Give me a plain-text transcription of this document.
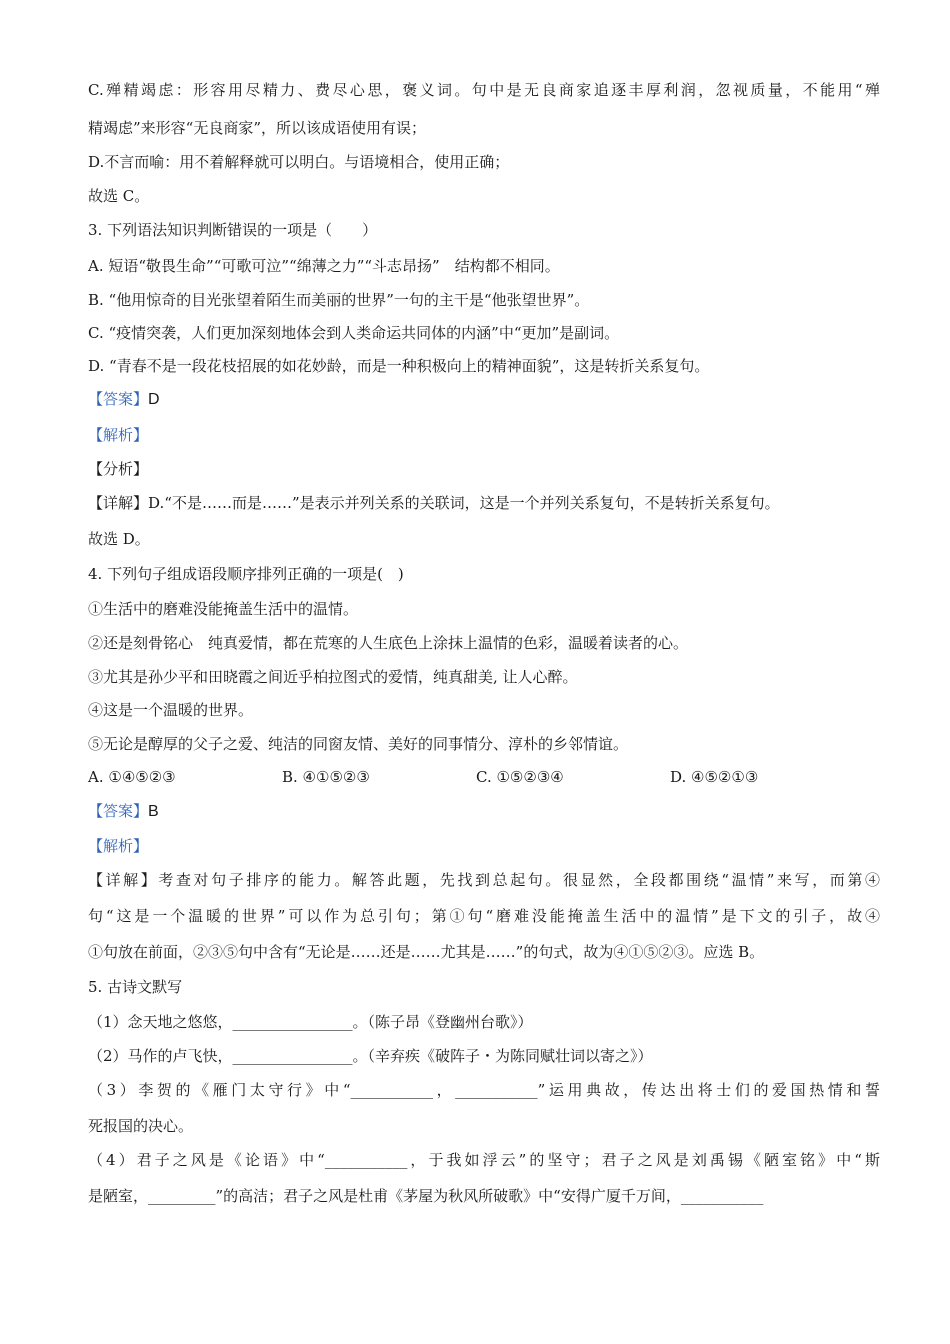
C.殚精竭虑：形容用尽精力、费尽心思，褒义词。句中是无良商家追逐丰厚利润，忽视质量，不能用“殚
精竭虑”来形容“无良商家”，所以该成语使用有误；
D.不言而喻：用不着解释就可以明白。与语境相合，使用正确；
故选 C。
3. 下列语法知识判断错误的一项是（　　）
A. 短语“敬畏生命”“可歌可泣”“绵薄之力”“斗志昂扬”　结构都不相同。
B. “他用惊奇的目光张望着陌生而美丽的世界”一句的主干是“他张望世界”。
C. “疫情突袭，人们更加深刻地体会到人类命运共同体的内涵”中“更加”是副词。
D. “青春不是一段花枝招展的如花妙龄，而是一种积极向上的精神面貌”，这是转折关系复句。
【答案】D
【解析】
【分析】
【详解】D.“不是……而是……”是表示并列关系的关联词，这是一个并列关系复句，不是转折关系复句。
故选 D。
4. 下列句子组成语段顺序排列正确的一项是(　)
①生活中的磨难没能掩盖生活中的温情。
②还是刻骨铭心　纯真爱情，都在荒寒的人生底色上涂抹上温情的色彩，温暖着读者的心。
③尤其是孙少平和田晓霞之间近乎柏拉图式的爱情，纯真甜美, 让人心醉。
④这是一个温暖的世界。
⑤无论是醇厚的父子之爱、纯洁的同窗友情、美好的同事情分、淳朴的乡邻情谊。
A. ①④⑤②③	B. ④①⑤②③	C. ①⑤②③④	D. ④⑤②①③
【答案】B
【解析】
【详解】考查对句子排序的能力。解答此题，先找到总起句。很显然，全段都围绕“温情”来写，而第④
句“这是一个温暖的世界”可以作为总引句；第①句“磨难没能掩盖生活中的温情”是下文的引子，故④
①句放在前面，②③⑤句中含有“无论是……还是……尤其是……”的句式，故为④①⑤②③。应选 B。
5. 古诗文默写
（1）念天地之悠悠，________________。（陈子昂《登幽州台歌》）
（2）马作的卢飞快，________________。（辛弃疾《破阵子・为陈同赋壮词以寄之》）
（3）李贺的《雁门太守行》中“___________，___________”运用典故，传达出将士们的爱国热情和誓
死报国的决心。
（4）君子之风是《论语》中“___________，于我如浮云”的坚守；君子之风是刘禹锡《陋室铭》中“斯
是陋室，_________”的高洁；君子之风是杜甫《茅屋为秋风所破歌》中“安得广厦千万间，___________
